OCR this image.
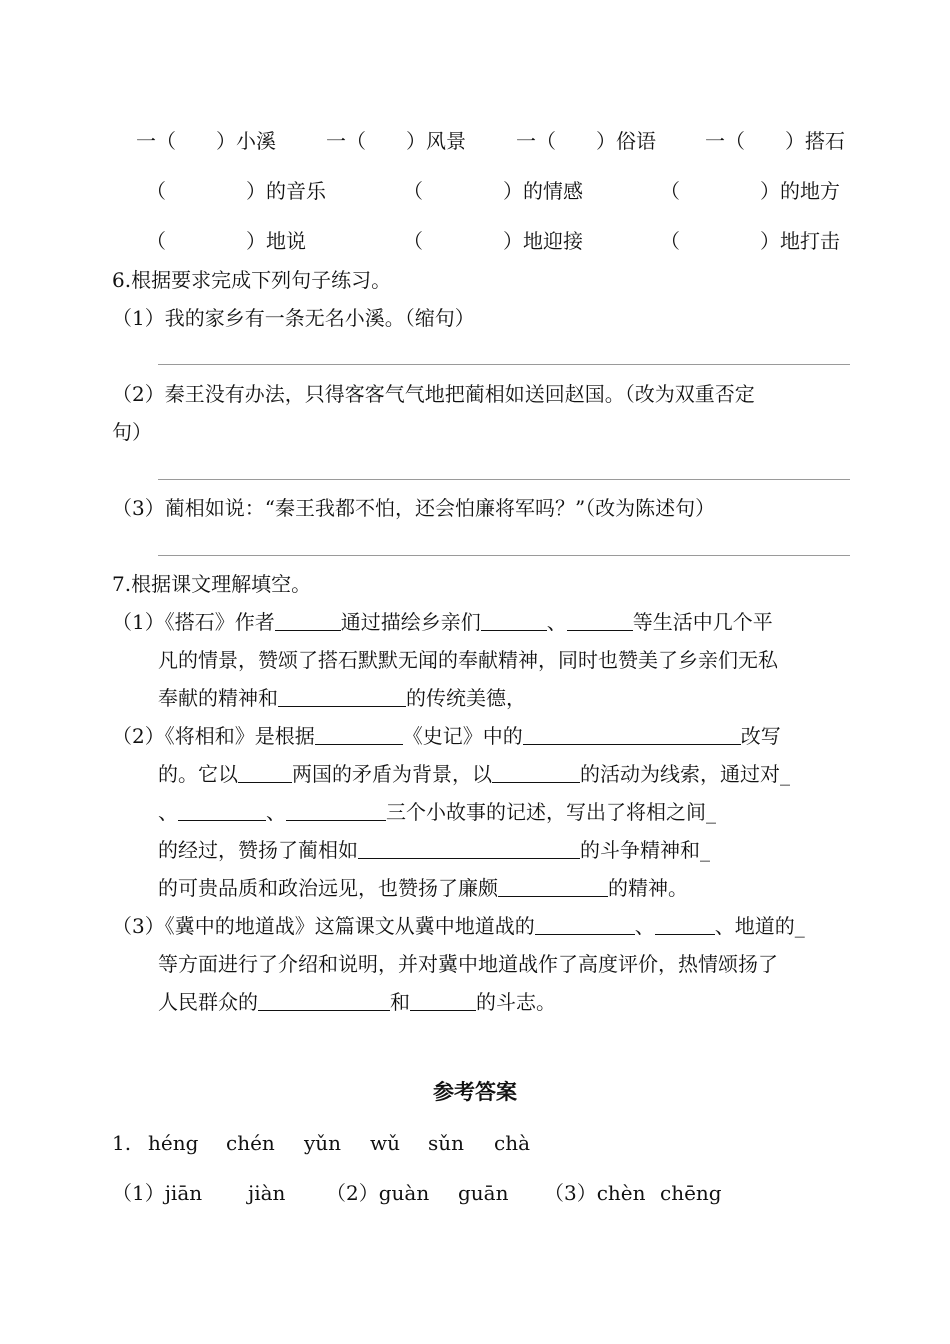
一（　　）小溪	一（　　）风景	一（　　）俗语 一（　　）搭石
（　　　　）的音乐	（　　　　）的情感	（　　　　）的地方
（　　　　）地说	（　　　　）地迎接	（　　　　）地打击
6.根据要求完成下列句子练习。
（1）我的家乡有一条无名小溪。（缩句）
（2）秦王没有办法，只得客客气气地把蔺相如送回赵国。（改为双重否定
句）
（3）蔺相如说：“秦王我都不怕，还会怕廉将军吗？”（改为陈述句）
7.根据课文理解填空。
（1）《搭石》作者	通过描绘乡亲们	、	等生活中几个平
凡的情景，赞颂了搭石默默无闻的奉献精神，同时也赞美了乡亲们无私
奉献的精神和	的传统美德，
（2）《将相和》是根据	《史记》中的	改写
的。它以	两国的矛盾为背景，以	的活动为线索，通过对_
、	、	三个小故事的记述，写出了将相之间_
的经过，赞扬了蔺相如	的斗争精神和_
的可贵品质和政治远见，也赞扬了廉颇	的精神。
（3）《冀中的地道战》这篇课文从冀中地道战的	、	、地道的_
等方面进行了介绍和说明，并对冀中地道战作了高度评价，热情颂扬了
人民群众的	和	的斗志。
参考答案
1. héng chén yǔn wǔ sǔn chà
（1）jiān jiàn （2）guàn guān （3）chèn chēng
